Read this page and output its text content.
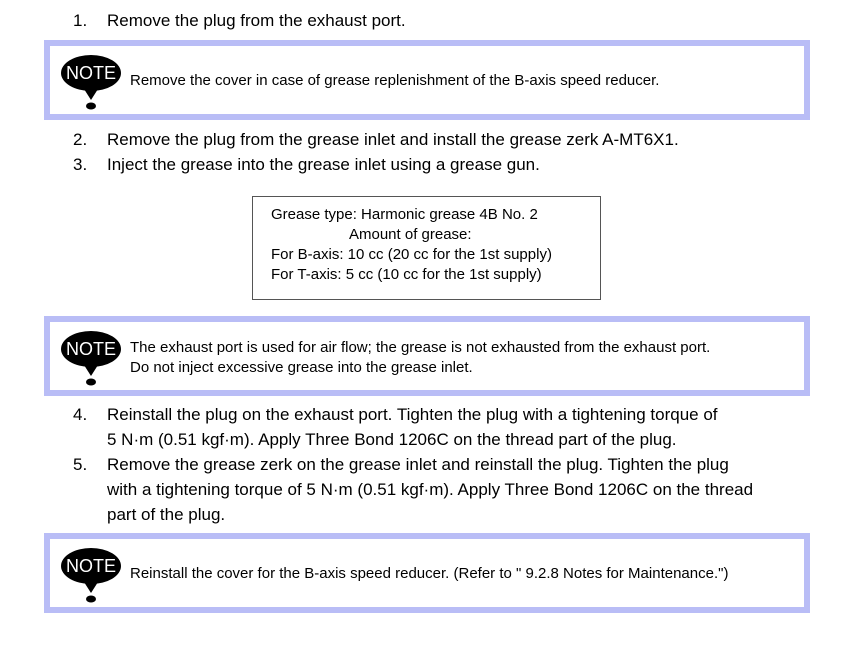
1. Remove the plug from the exhaust port.
NOTE Remove the cover in case of grease replenishment of the B-axis speed reducer.
2. Remove the plug from the grease inlet and install the grease zerk A-MT6X1.
3. Inject the grease into the grease inlet using a grease gun.
Grease type: Harmonic grease 4B No. 2
Amount of grease:
For B-axis: 10 cc (20 cc for the 1st supply)
For T-axis: 5 cc (10 cc for the 1st supply)
NOTE The exhaust port is used for air flow; the grease is not exhausted from the exhaust port.
Do not inject excessive grease into the grease inlet.
4. Reinstall the plug on the exhaust port. Tighten the plug with a tightening torque of
5 N·m (0.51 kgf·m). Apply Three Bond 1206C on the thread part of the plug.
5. Remove the grease zerk on the grease inlet and reinstall the plug. Tighten the plug
with a tightening torque of 5 N·m (0.51 kgf·m). Apply Three Bond 1206C on the thread
part of the plug.
NOTE Reinstall the cover for the B-axis speed reducer. (Refer to " 9.2.8 Notes for Maintenance.")
